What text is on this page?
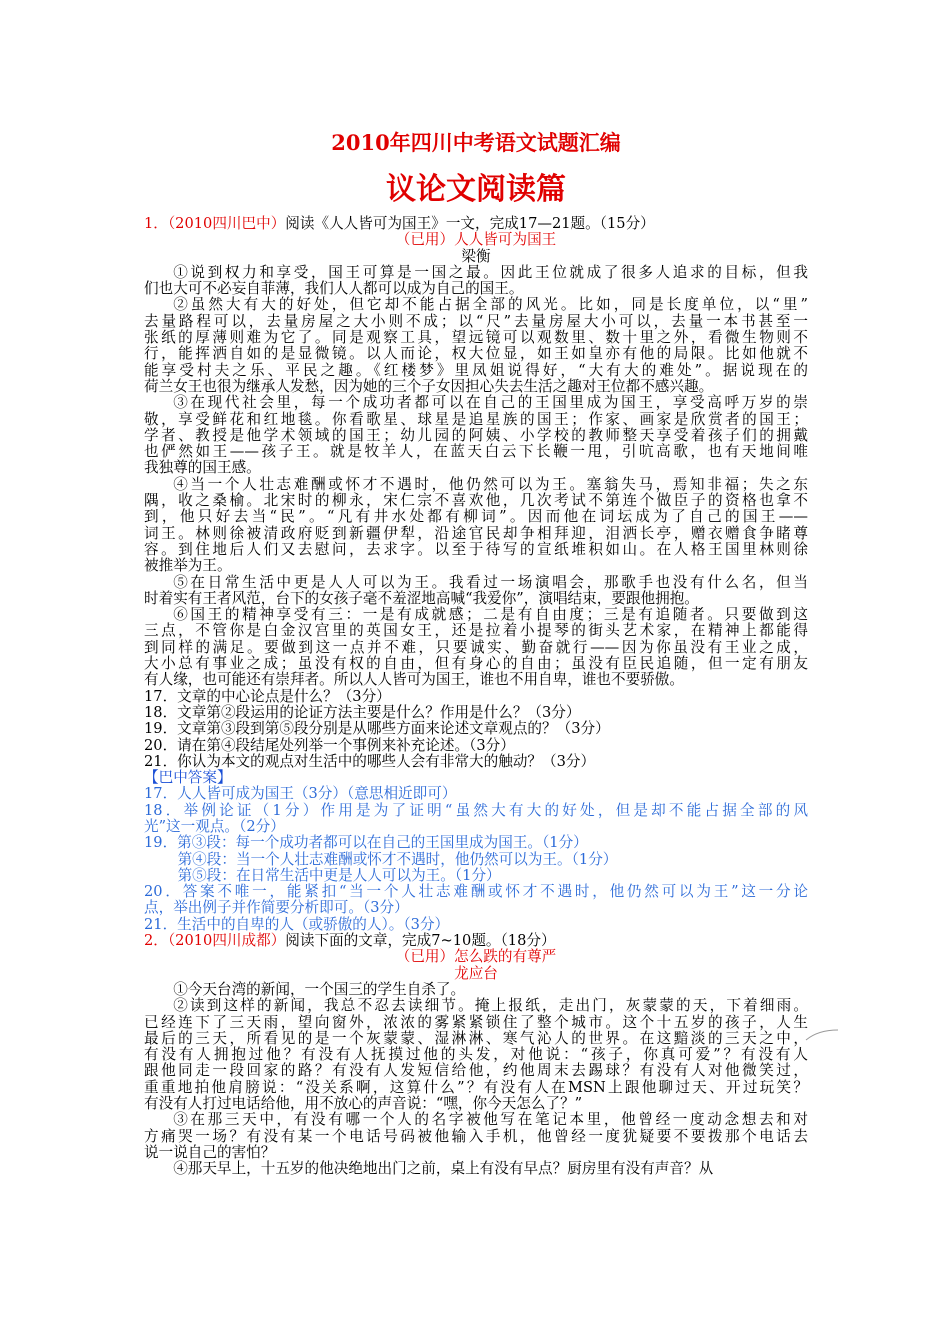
2010年四川中考语文试题汇编
议论文阅读篇

1．（2010四川巴中）阅读《人人皆可为国王》一文，完成17—21题。（15分）

（已用）人人皆可为国王

梁衡

①说到权力和享受，国王可算是一国之最。因此王位就成了很多人追求的目标，但我

们也大可不必妄自菲薄，我们人人都可以成为自己的国王。

②虽然大有大的好处，但它却不能占据全部的风光。比如，同是长度单位，以“里”

去量路程可以，去量房屋之大小则不成；以“尺”去量房屋大小可以，去量一本书甚至一

张纸的厚薄则难为它了。同是观察工具，望远镜可以观数里、数十里之外，看微生物则不

行，能挥洒自如的是显微镜。以人而论，权大位显，如王如皇亦有他的局限。比如他就不

能享受村夫之乐、平民之趣。《红楼梦》里凤姐说得好，“大有大的难处”。据说现在的

荷兰女王也很为继承人发愁，因为她的三个子女因担心失去生活之趣对王位都不感兴趣。

③在现代社会里，每一个成功者都可以在自己的王国里成为国王，享受高呼万岁的崇

敬，享受鲜花和红地毯。你看歌星、球星是追星族的国王；作家、画家是欣赏者的国王；

学者、教授是他学术领域的国王；幼儿园的阿姨、小学校的教师整天享受着孩子们的拥戴

也俨然如王——孩子王。就是牧羊人，在蓝天白云下长鞭一甩，引吭高歌，也有天地间唯

我独尊的国王感。

④当一个人壮志难酬或怀才不遇时，他仍然可以为王。塞翁失马，焉知非福；失之东

隅，收之桑榆。北宋时的柳永，宋仁宗不喜欢他，几次考试不第连个做臣子的资格也拿不

到，他只好去当“民”。“凡有井水处都有柳词”。因而他在词坛成为了自己的国王——

词王。林则徐被清政府贬到新疆伊犁，沿途官民却争相拜迎，泪洒长亭，赠衣赠食争睹尊

容。到住地后人们又去慰问，去求字。以至于待写的宣纸堆积如山。在人格王国里林则徐

被推举为王。

⑤在日常生活中更是人人可以为王。我看过一场演唱会，那歌手也没有什么名，但当

时着实有王者风范，台下的女孩子毫不羞涩地高喊“我爱你”，演唱结束，要跟他拥抱。

⑥国王的精神享受有三：一是有成就感；二是有自由度；三是有追随者。只要做到这

三点，不管你是白金汉宫里的英国女王，还是拉着小提琴的街头艺术家，在精神上都能得

到同样的满足。要做到这一点并不难，只要诚实、勤奋就行——因为你虽没有王业之成，

大小总有事业之成；虽没有权的自由，但有身心的自由；虽没有臣民追随，但一定有朋友

有人缘，也可能还有崇拜者。所以人人皆可为国王，谁也不用自卑，谁也不要骄傲。

17．文章的中心论点是什么？（3分）

18．文章第②段运用的论证方法主要是什么？作用是什么？（3分）

19．文章第③段到第⑤段分别是从哪些方面来论述文章观点的？（3分）

20．请在第④段结尾处列举一个事例来补充论述。（3分）

21．你认为本文的观点对生活中的哪些人会有非常大的触动？（3分）

【巴中答案】

17．人人皆可成为国王（3分）（意思相近即可）

18．举例论证（1分）作用是为了证明“虽然大有大的好处，但是却不能占据全部的风

光”这一观点。（2分）

19．第③段：每一个成功者都可以在自己的王国里成为国王。（1分）

第④段：当一个人壮志难酬或怀才不遇时，他仍然可以为王。（1分）

第⑤段：在日常生活中更是人人可以为王。（1分）

20．答案不唯一，能紧扣“当一个人壮志难酬或怀才不遇时，他仍然可以为王”这一分论

点，举出例子并作简要分析即可。（3分）

21．生活中的自卑的人（或骄傲的人）。（3分）

2．（2010四川成都）阅读下面的文章，完成7~10题。（18分）

（已用）怎么跌的有尊严

龙应台

①今天台湾的新闻，一个国三的学生自杀了。

②读到这样的新闻，我总不忍去读细节。掩上报纸，走出门，灰蒙蒙的天，下着细雨。

已经连下了三天雨，望向窗外，浓浓的雾紧紧锁住了整个城市。这个十五岁的孩子，人生

最后的三天，所看见的是一个灰蒙蒙、湿淋淋、寒气沁人的世界。在这黯淡的三天之中，

有没有人拥抱过他？有没有人抚摸过他的头发，对他说：“孩子，你真可爱”？有没有人

跟他同走一段回家的路？有没有人发短信给他，约他周末去踢球？有没有人对他微笑过，

重重地拍他肩膀说：“没关系啊，这算什么”？有没有人在MSN上跟他聊过天、开过玩笑？

有没有人打过电话给他，用不放心的声音说：“嘿，你今天怎么了？”

③在那三天中，有没有哪一个人的名字被他写在笔记本里，他曾经一度动念想去和对

方痛哭一场？有没有某一个电话号码被他输入手机，他曾经一度犹疑要不要拨那个电话去

说一说自己的害怕？

④那天早上，十五岁的他决绝地出门之前，桌上有没有早点？厨房里有没有声音？从
